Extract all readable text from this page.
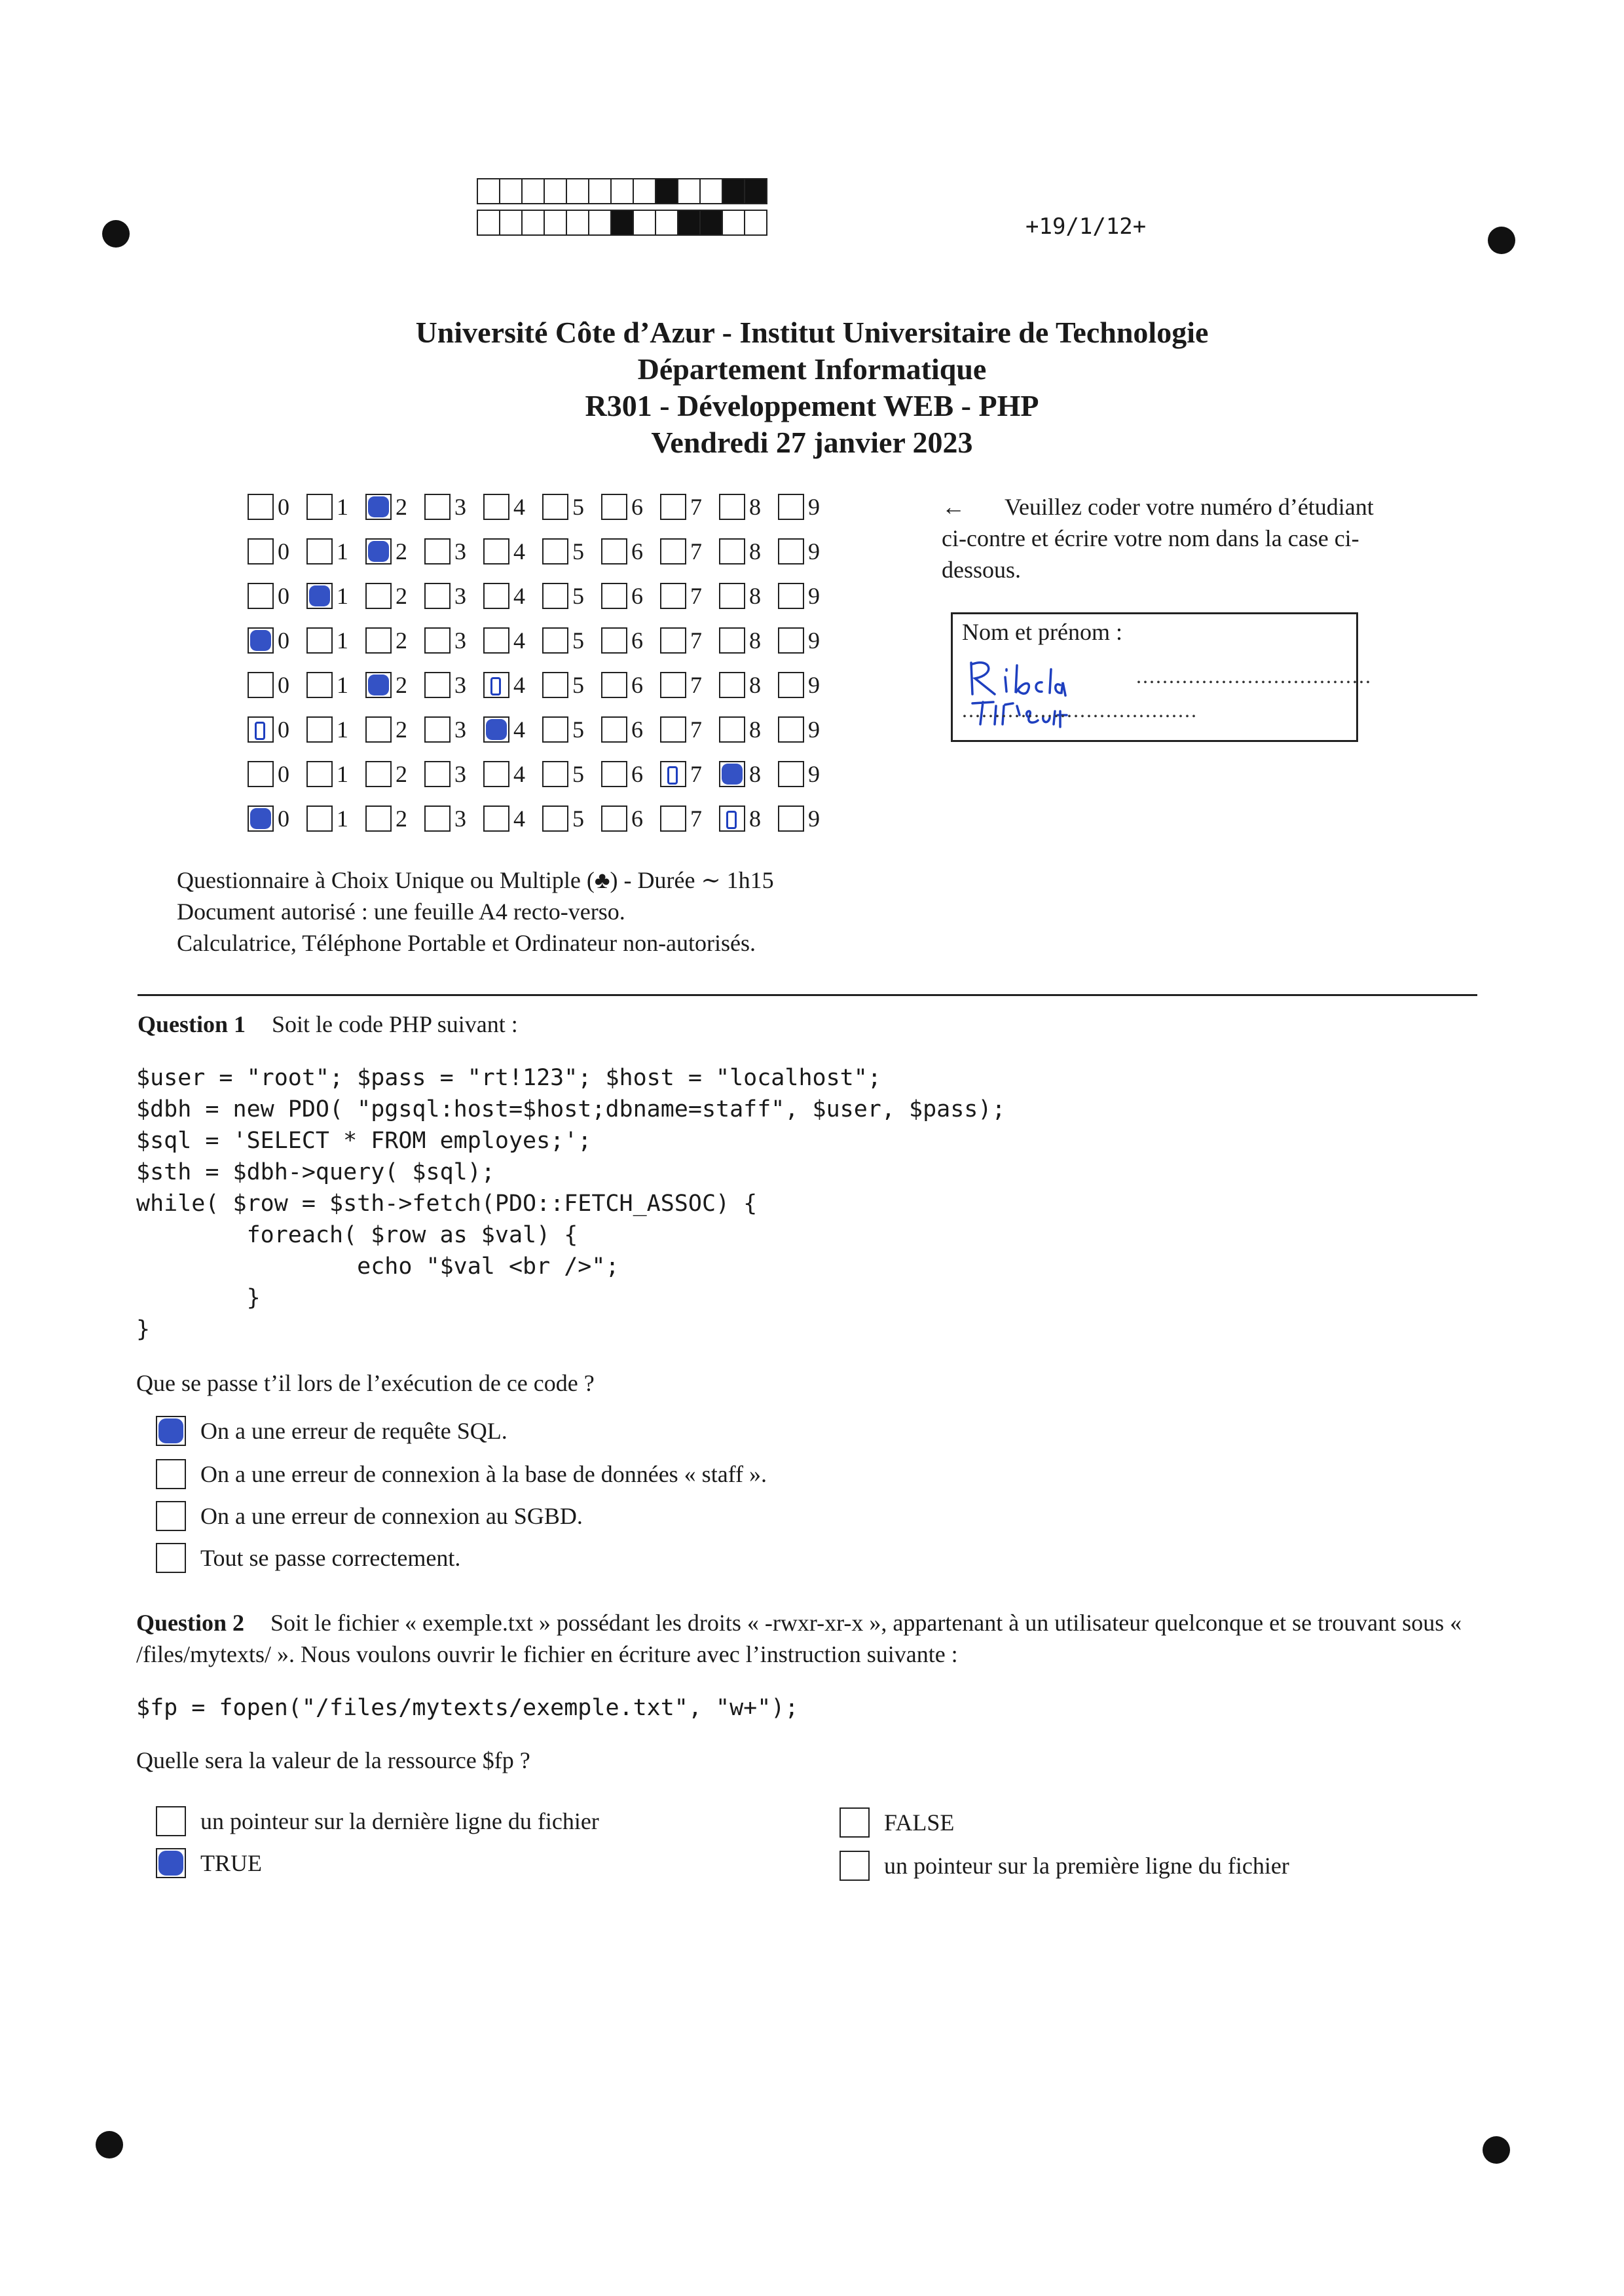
+19/1/12+
Université Côte d’Azur - Institut Universitaire de Technologie
Département Informatique
R301 - Développement WEB - PHP
Vendredi 27 janvier 2023
0 1 2 3 4 5 6 7 8 9
0 1 2 3 4 5 6 7 8 9
0 1 2 3 4 5 6 7 8 9
0 1 2 3 4 5 6 7 8 9
0 1 2 3 4 5 6 7 8 9
0 1 2 3 4 5 6 7 8 9
0 1 2 3 4 5 6 7 8 9
0 1 2 3 4 5 6 7 8 9
← Veuillez coder votre numéro d’étudiant ci-contre et écrire votre nom dans la case ci-dessous.
Nom et prénom :
....................................
....................................
Questionnaire à Choix Unique ou Multiple (♣) - Durée ∼ 1h15
Document autorisé : une feuille A4 recto-verso.
Calculatrice, Téléphone Portable et Ordinateur non-autorisés.
Question 1 Soit le code PHP suivant :
$user = "root"; $pass = "rt!123"; $host = "localhost";
$dbh = new PDO( "pgsql:host=$host;dbname=staff", $user, $pass);
$sql = 'SELECT * FROM employes;';
$sth = $dbh->query( $sql);
while( $row = $sth->fetch(PDO::FETCH_ASSOC) {
foreach( $row as $val) {
echo "$val <br />";
}
}
Que se passe t’il lors de l’exécution de ce code ?
On a une erreur de requête SQL.
On a une erreur de connexion à la base de données « staff ».
On a une erreur de connexion au SGBD.
Tout se passe correctement.
Question 2 Soit le fichier « exemple.txt » possédant les droits « -rwxr-xr-x », appartenant à un utilisateur quelconque et se trouvant sous « /files/mytexts/ ». Nous voulons ouvrir le fichier en écriture avec l’instruction suivante :
$fp = fopen("/files/mytexts/exemple.txt", "w+");
Quelle sera la valeur de la ressource $fp ?
un pointeur sur la dernière ligne du fichier
TRUE
FALSE
un pointeur sur la première ligne du fichier
